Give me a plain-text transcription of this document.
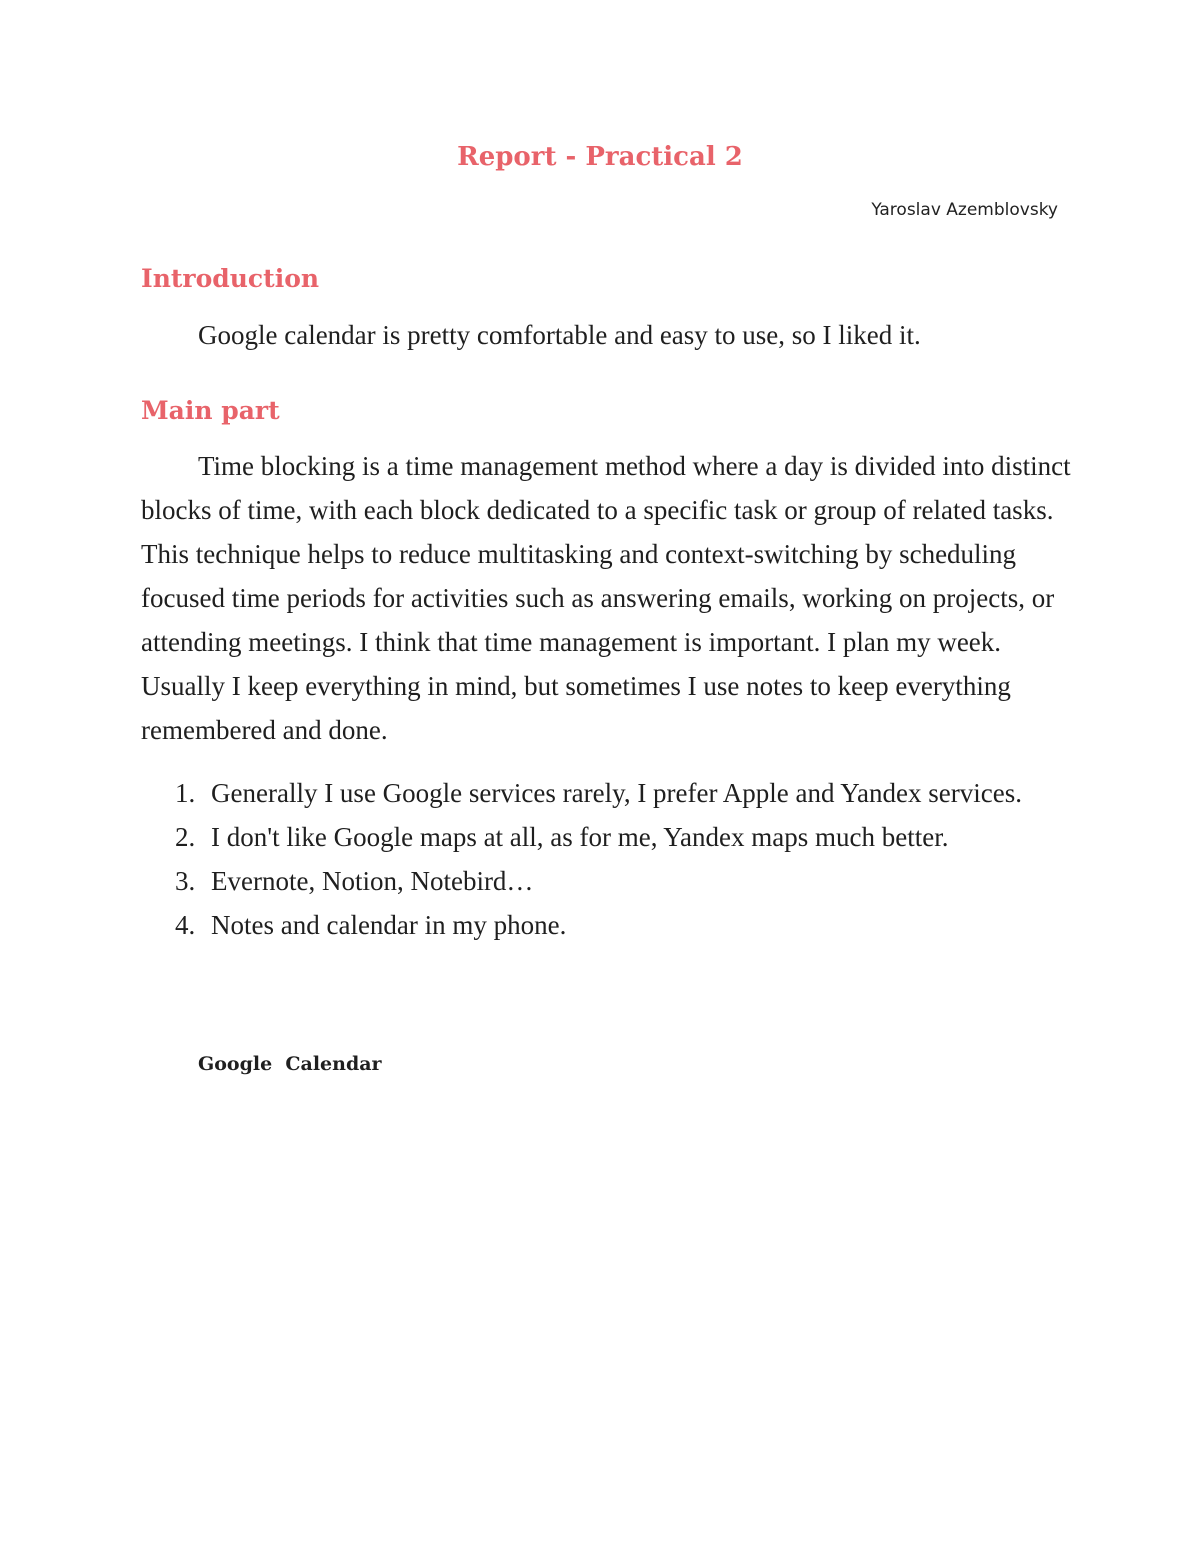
Report - Practical 2

Yaroslav Azemblovsky

Introduction

Google calendar is pretty comfortable and easy to use, so I liked it.

Main part

Time blocking is a time management method where a day is divided into distinct blocks of time, with each block dedicated to a specific task or group of related tasks. This technique helps to reduce multitasking and context-switching by scheduling focused time periods for activities such as answering emails, working on projects, or attending meetings. I think that time management is important. I plan my week. Usually I keep everything in mind, but sometimes I use notes to keep everything remembered and done.

1. Generally I use Google services rarely, I prefer Apple and Yandex services.
2. I don't like Google maps at all, as for me, Yandex maps much better.
3. Evernote, Notion, Notebird…
4. Notes and calendar in my phone.

Google  Calendar
